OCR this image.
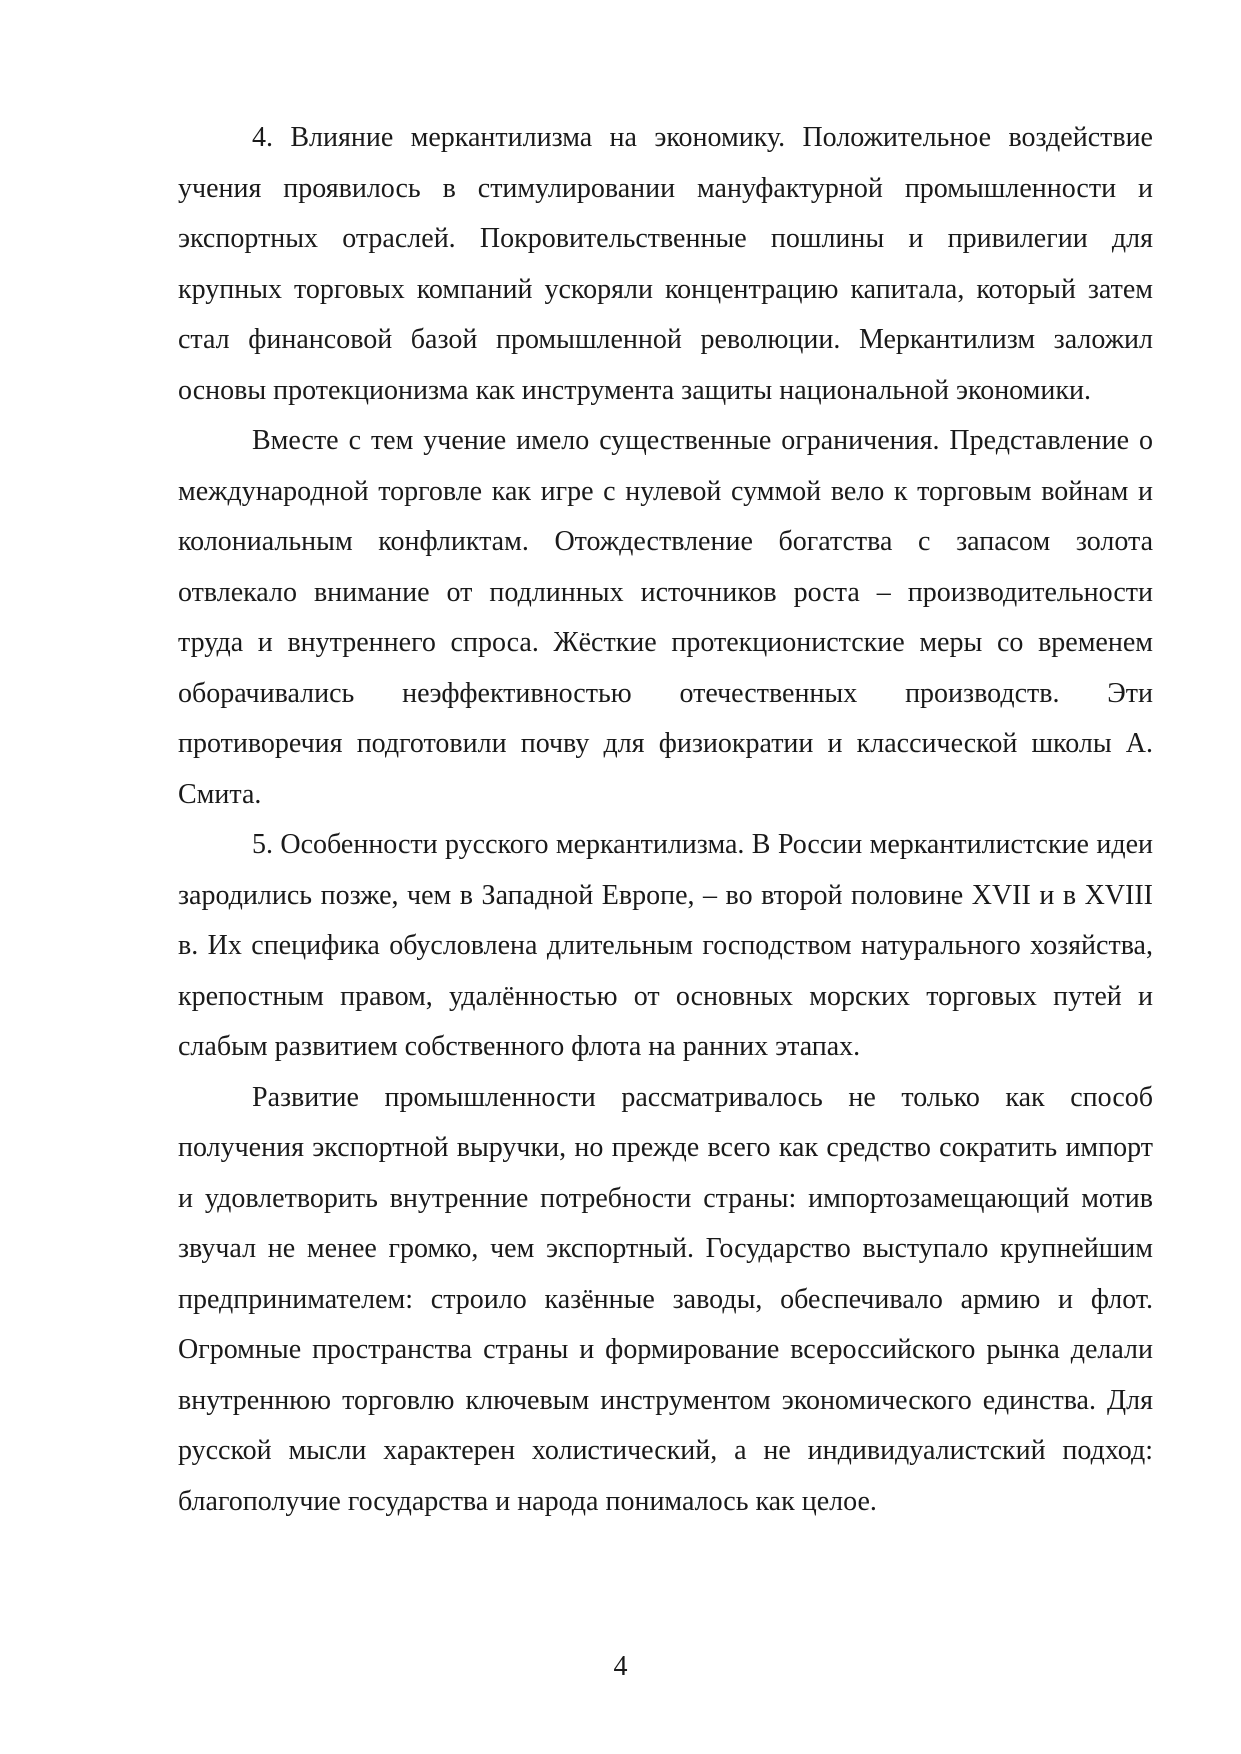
4. Влияние меркантилизма на экономику. Положительное воздействие учения проявилось в стимулировании мануфактурной промышленности и экспортных отраслей. Покровительственные пошлины и привилегии для крупных торговых компаний ускоряли концентрацию капитала, который затем стал финансовой базой промышленной революции. Меркантилизм заложил основы протекционизма как инструмента защиты национальной экономики.

Вместе с тем учение имело существенные ограничения. Представление о международной торговле как игре с нулевой суммой вело к торговым войнам и колониальным конфликтам. Отождествление богатства с запасом золота отвлекало внимание от подлинных источников роста – производительности труда и внутреннего спроса. Жёсткие протекционистские меры со временем оборачивались неэффективностью отечественных производств. Эти противоречия подготовили почву для физиократии и классической школы А. Смита.

5. Особенности русского меркантилизма. В России меркантилистские идеи зародились позже, чем в Западной Европе, – во второй половине XVII и в XVIII в. Их специфика обусловлена длительным господством натурального хозяйства, крепостным правом, удалённостью от основных морских торговых путей и слабым развитием собственного флота на ранних этапах.

Развитие промышленности рассматривалось не только как способ получения экспортной выручки, но прежде всего как средство сократить импорт и удовлетворить внутренние потребности страны: импортозамещающий мотив звучал не менее громко, чем экспортный. Государство выступало крупнейшим предпринимателем: строило казённые заводы, обеспечивало армию и флот. Огромные пространства страны и формирование всероссийского рынка делали внутреннюю торговлю ключевым инструментом экономического единства. Для русской мысли характерен холистический, а не индивидуалистский подход: благополучие государства и народа понималось как целое.

4
